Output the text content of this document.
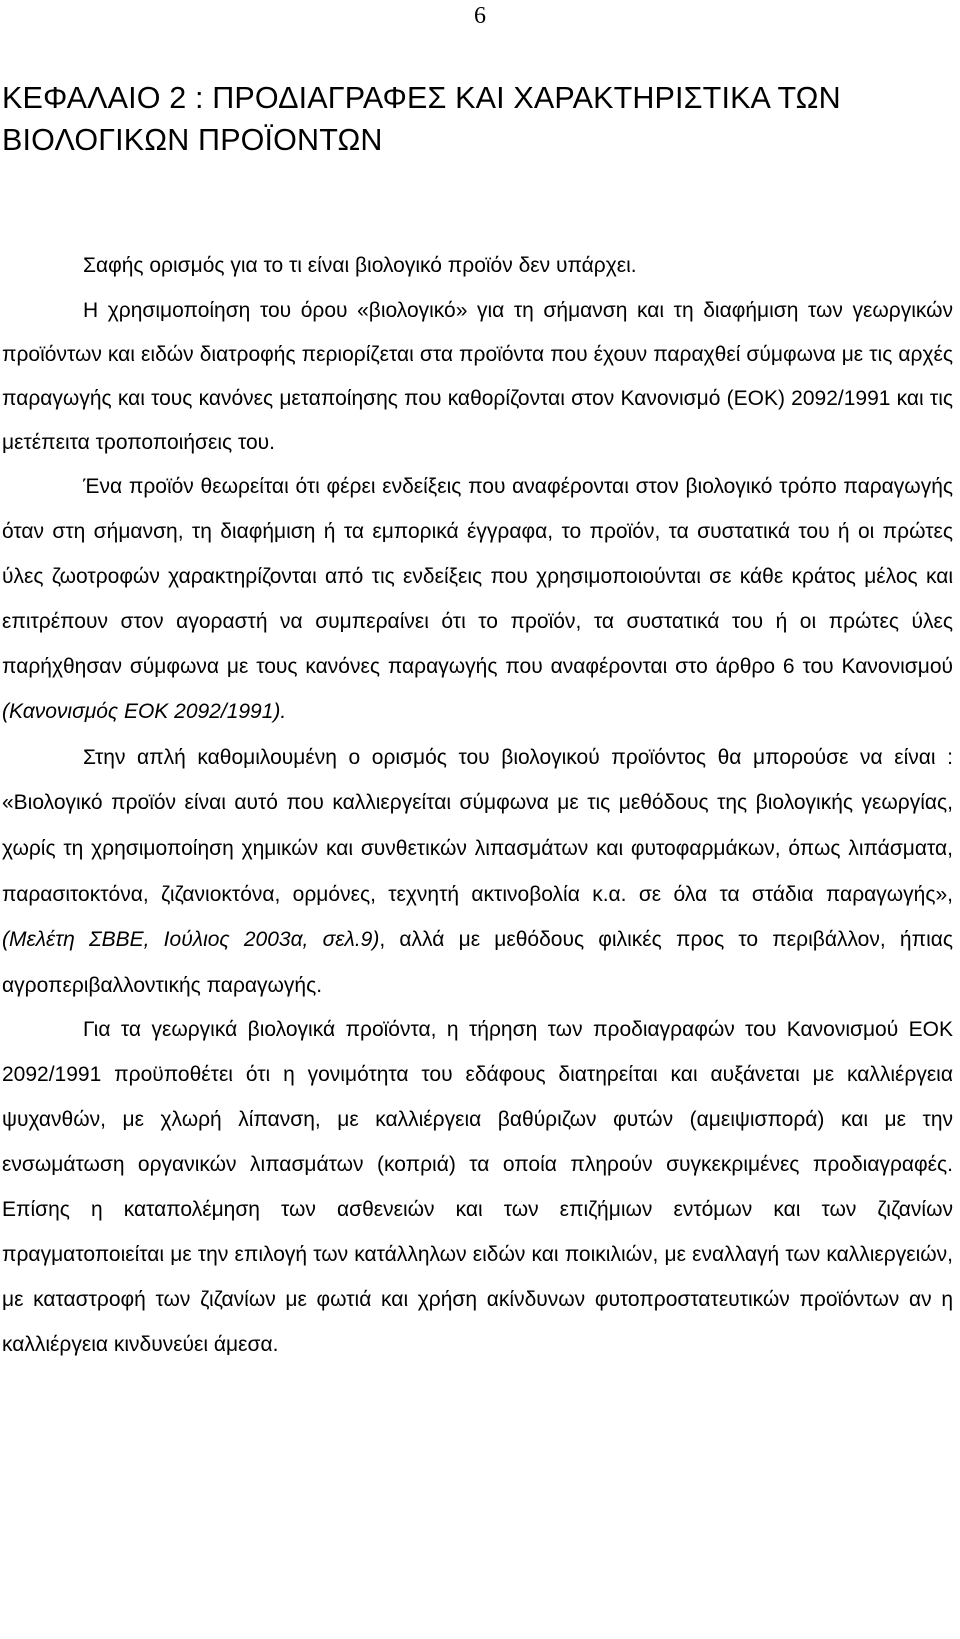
6
ΚΕΦΑΛΑΙΟ 2 : ΠΡΟΔΙΑΓΡΑΦΕΣ ΚΑΙ ΧΑΡΑΚΤΗΡΙΣΤΙΚΑ ΤΩΝ ΒΙΟΛΟΓΙΚΩΝ ΠΡΟΪΟΝΤΩΝ

Σαφής ορισμός για το τι είναι βιολογικό προϊόν δεν υπάρχει.

Η χρησιμοποίηση του όρου «βιολογικό» για τη σήμανση και τη διαφήμιση των γεωργικών προϊόντων και ειδών διατροφής περιορίζεται στα προϊόντα που έχουν παραχθεί σύμφωνα με τις αρχές παραγωγής και τους κανόνες μεταποίησης που καθορίζονται στον Κανονισμό (ΕΟΚ) 2092/1991 και τις μετέπειτα τροποποιήσεις του.

Ένα προϊόν θεωρείται ότι φέρει ενδείξεις που αναφέρονται στον βιολογικό τρόπο παραγωγής όταν στη σήμανση, τη διαφήμιση ή τα εμπορικά έγγραφα, το προϊόν, τα συστατικά του ή οι πρώτες ύλες ζωοτροφών χαρακτηρίζονται από τις ενδείξεις που χρησιμοποιούνται σε κάθε κράτος μέλος και επιτρέπουν στον αγοραστή να συμπεραίνει ότι το προϊόν, τα συστατικά του ή οι πρώτες ύλες παρήχθησαν σύμφωνα με τους κανόνες παραγωγής που αναφέρονται στο άρθρο 6 του Κανονισμού (Κανονισμός ΕΟΚ 2092/1991).

Στην απλή καθομιλουμένη ο ορισμός του βιολογικού προϊόντος θα μπορούσε να είναι : «Βιολογικό προϊόν είναι αυτό που καλλιεργείται σύμφωνα με τις μεθόδους της βιολογικής γεωργίας, χωρίς τη χρησιμοποίηση χημικών και συνθετικών λιπασμάτων και φυτοφαρμάκων, όπως λιπάσματα, παρασιτοκτόνα, ζιζανιοκτόνα, ορμόνες, τεχνητή ακτινοβολία κ.α. σε όλα τα στάδια παραγωγής», (Μελέτη ΣΒΒΕ, Ιούλιος 2003α, σελ.9), αλλά με μεθόδους φιλικές προς το περιβάλλον, ήπιας αγροπεριβαλλοντικής παραγωγής.

Για τα γεωργικά βιολογικά προϊόντα, η τήρηση των προδιαγραφών του Κανονισμού ΕΟΚ 2092/1991 προϋποθέτει ότι η γονιμότητα του εδάφους διατηρείται και αυξάνεται με καλλιέργεια ψυχανθών, με χλωρή λίπανση, με καλλιέργεια βαθύριζων φυτών (αμειψισπορά) και με την ενσωμάτωση οργανικών λιπασμάτων (κοπριά) τα οποία πληρούν συγκεκριμένες προδιαγραφές. Επίσης η καταπολέμηση των ασθενειών και των επιζήμιων εντόμων και των ζιζανίων πραγματοποιείται με την επιλογή των κατάλληλων ειδών και ποικιλιών, με εναλλαγή των καλλιεργειών, με καταστροφή των ζιζανίων με φωτιά και χρήση ακίνδυνων φυτοπροστατευτικών προϊόντων αν η καλλιέργεια κινδυνεύει άμεσα.
